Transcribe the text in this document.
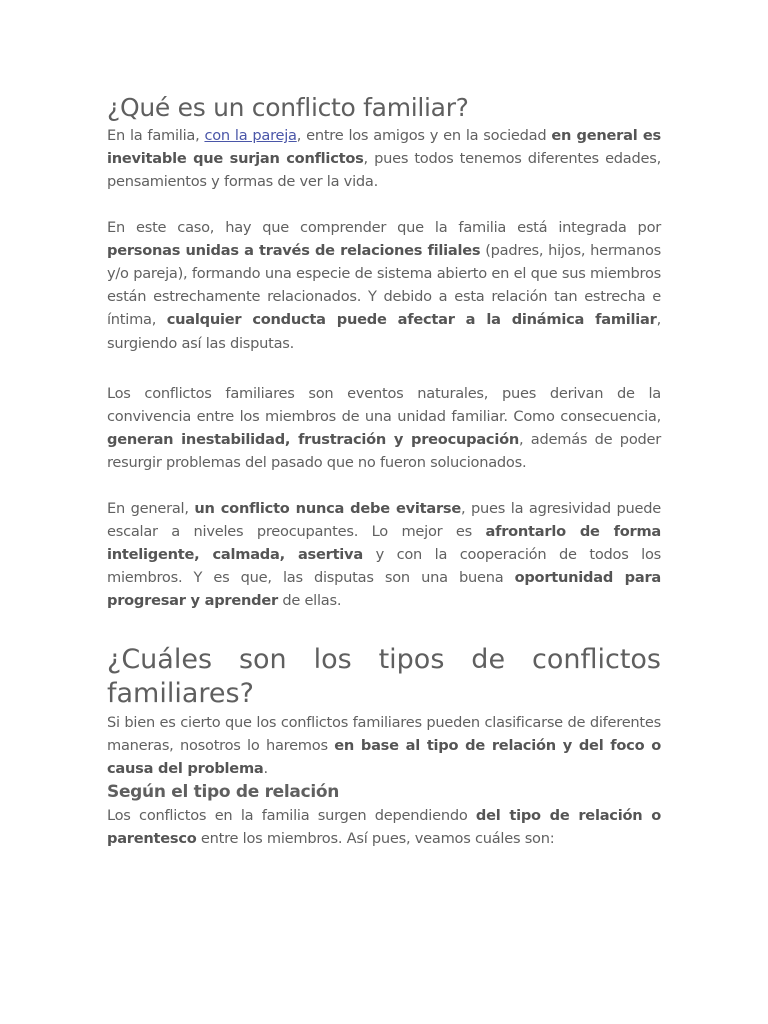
¿Qué es un conflicto familiar?

En la familia, con la pareja, entre los amigos y en la sociedad en general es inevitable que surjan conflictos, pues todos tenemos diferentes edades, pensamientos y formas de ver la vida.

En este caso, hay que comprender que la familia está integrada por personas unidas a través de relaciones filiales (padres, hijos, hermanos y/o pareja), formando una especie de sistema abierto en el que sus miembros están estrechamente relacionados. Y debido a esta relación tan estrecha e íntima, cualquier conducta puede afectar a la dinámica familiar, surgiendo así las disputas.

Los conflictos familiares son eventos naturales, pues derivan de la convivencia entre los miembros de una unidad familiar. Como consecuencia, generan inestabilidad, frustración y preocupación, además de poder resurgir problemas del pasado que no fueron solucionados.

En general, un conflicto nunca debe evitarse, pues la agresividad puede escalar a niveles preocupantes. Lo mejor es afrontarlo de forma inteligente, calmada, asertiva y con la cooperación de todos los miembros. Y es que, las disputas son una buena oportunidad para progresar y aprender de ellas.

¿Cuáles son los tipos de conflictos familiares?

Si bien es cierto que los conflictos familiares pueden clasificarse de diferentes maneras, nosotros lo haremos en base al tipo de relación y del foco o causa del problema.

Según el tipo de relación

Los conflictos en la familia surgen dependiendo del tipo de relación o parentesco entre los miembros. Así pues, veamos cuáles son:
